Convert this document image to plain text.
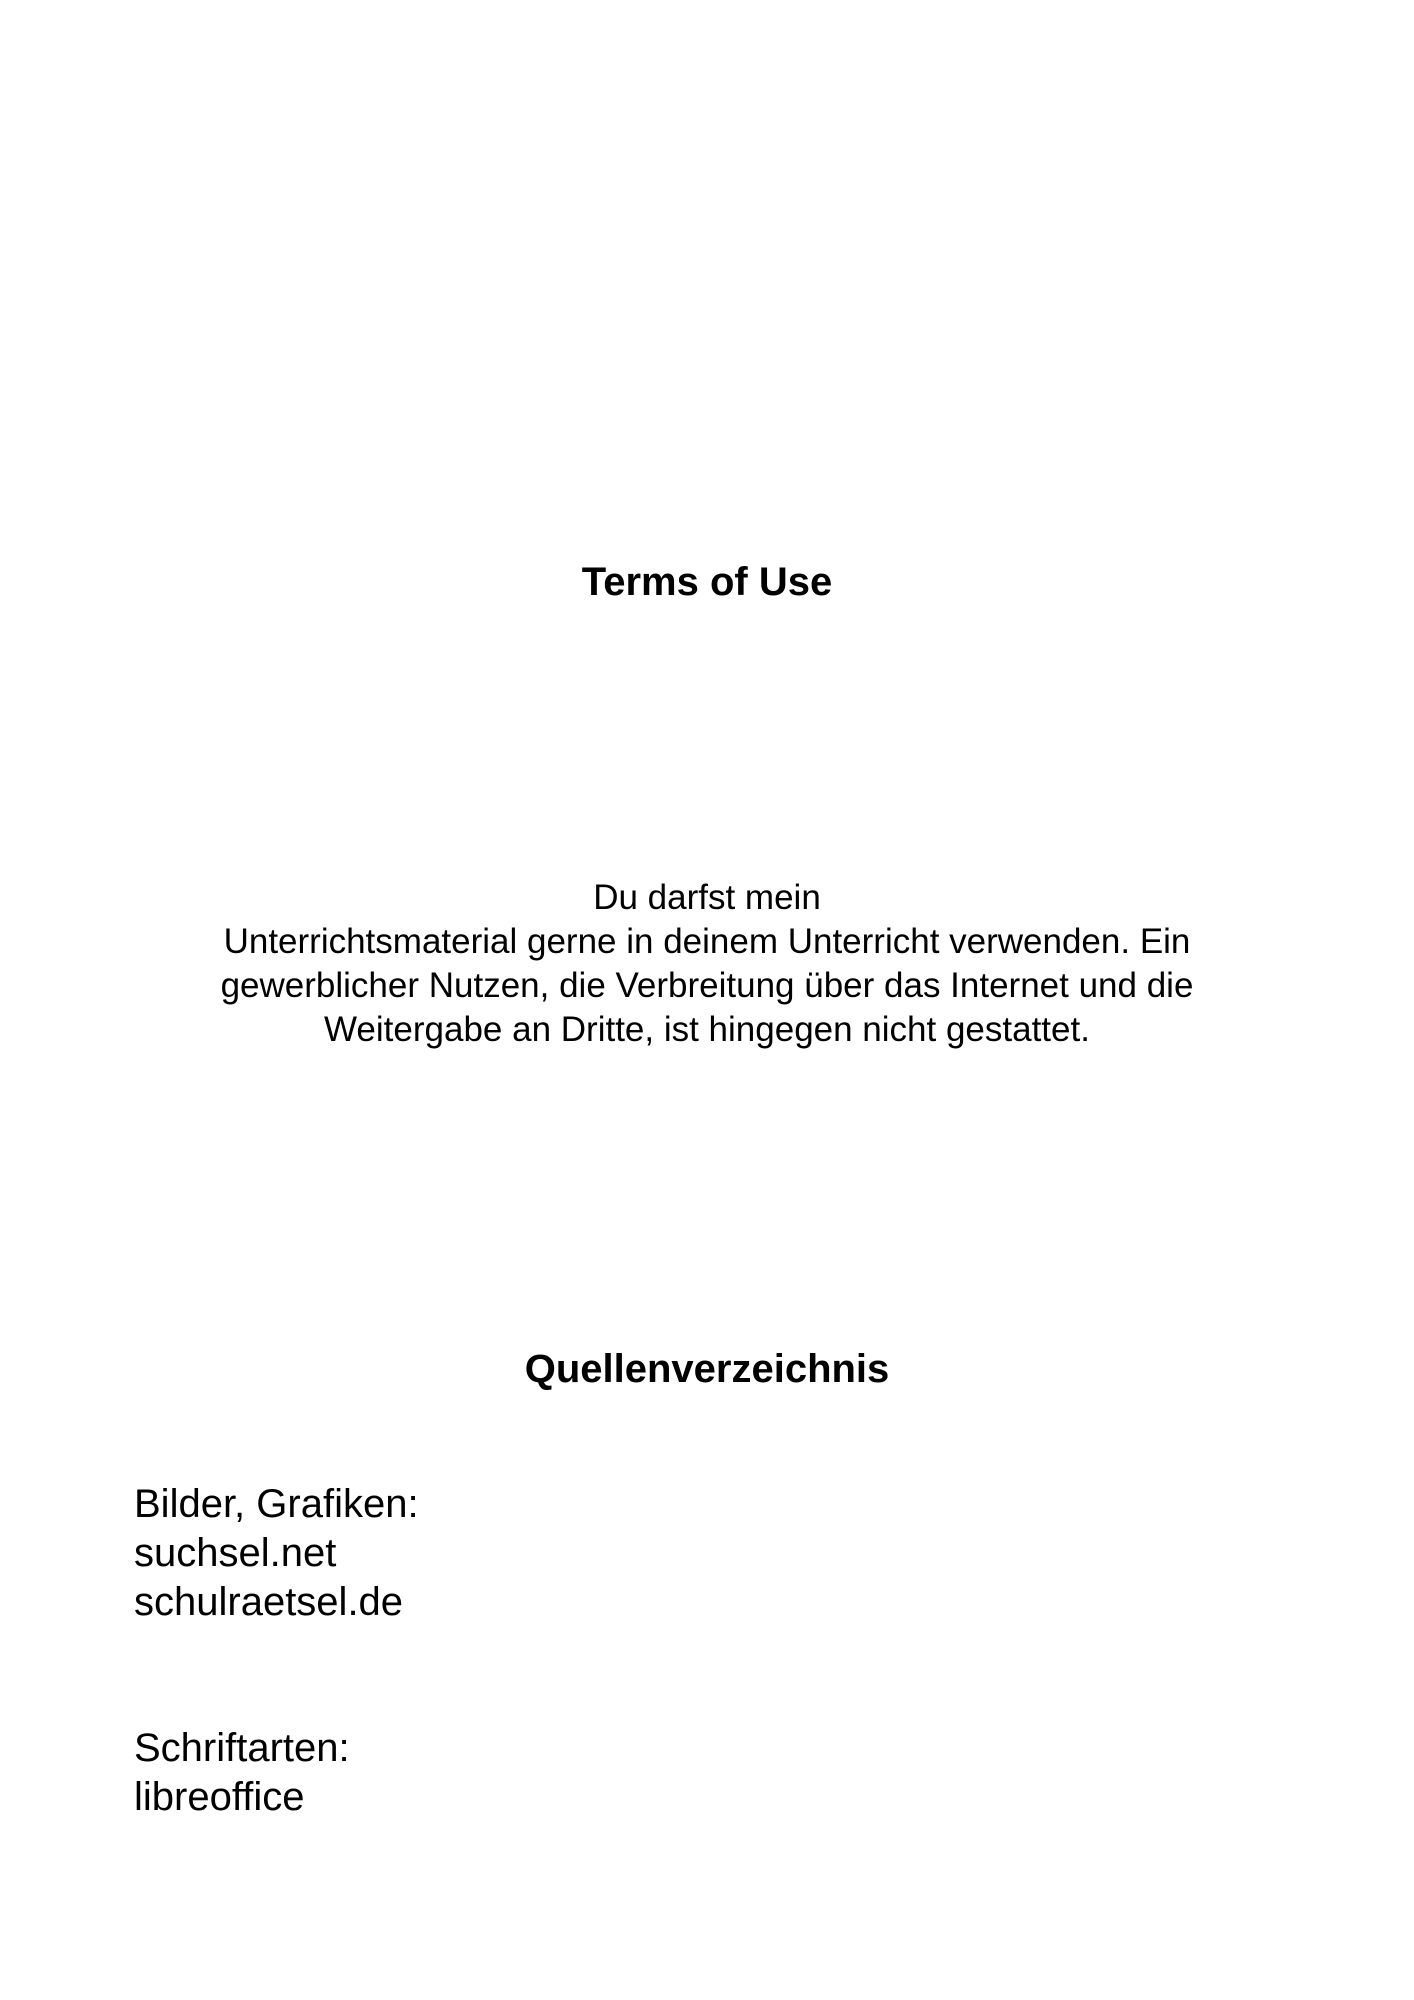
Terms of Use
Du darfst mein
Unterrichtsmaterial gerne in deinem Unterricht verwenden. Ein
gewerblicher Nutzen, die Verbreitung über das Internet und die
Weitergabe an Dritte, ist hingegen nicht gestattet.
Quellenverzeichnis
Bilder, Grafiken:
suchsel.net
schulraetsel.de
Schriftarten:
libreoffice
